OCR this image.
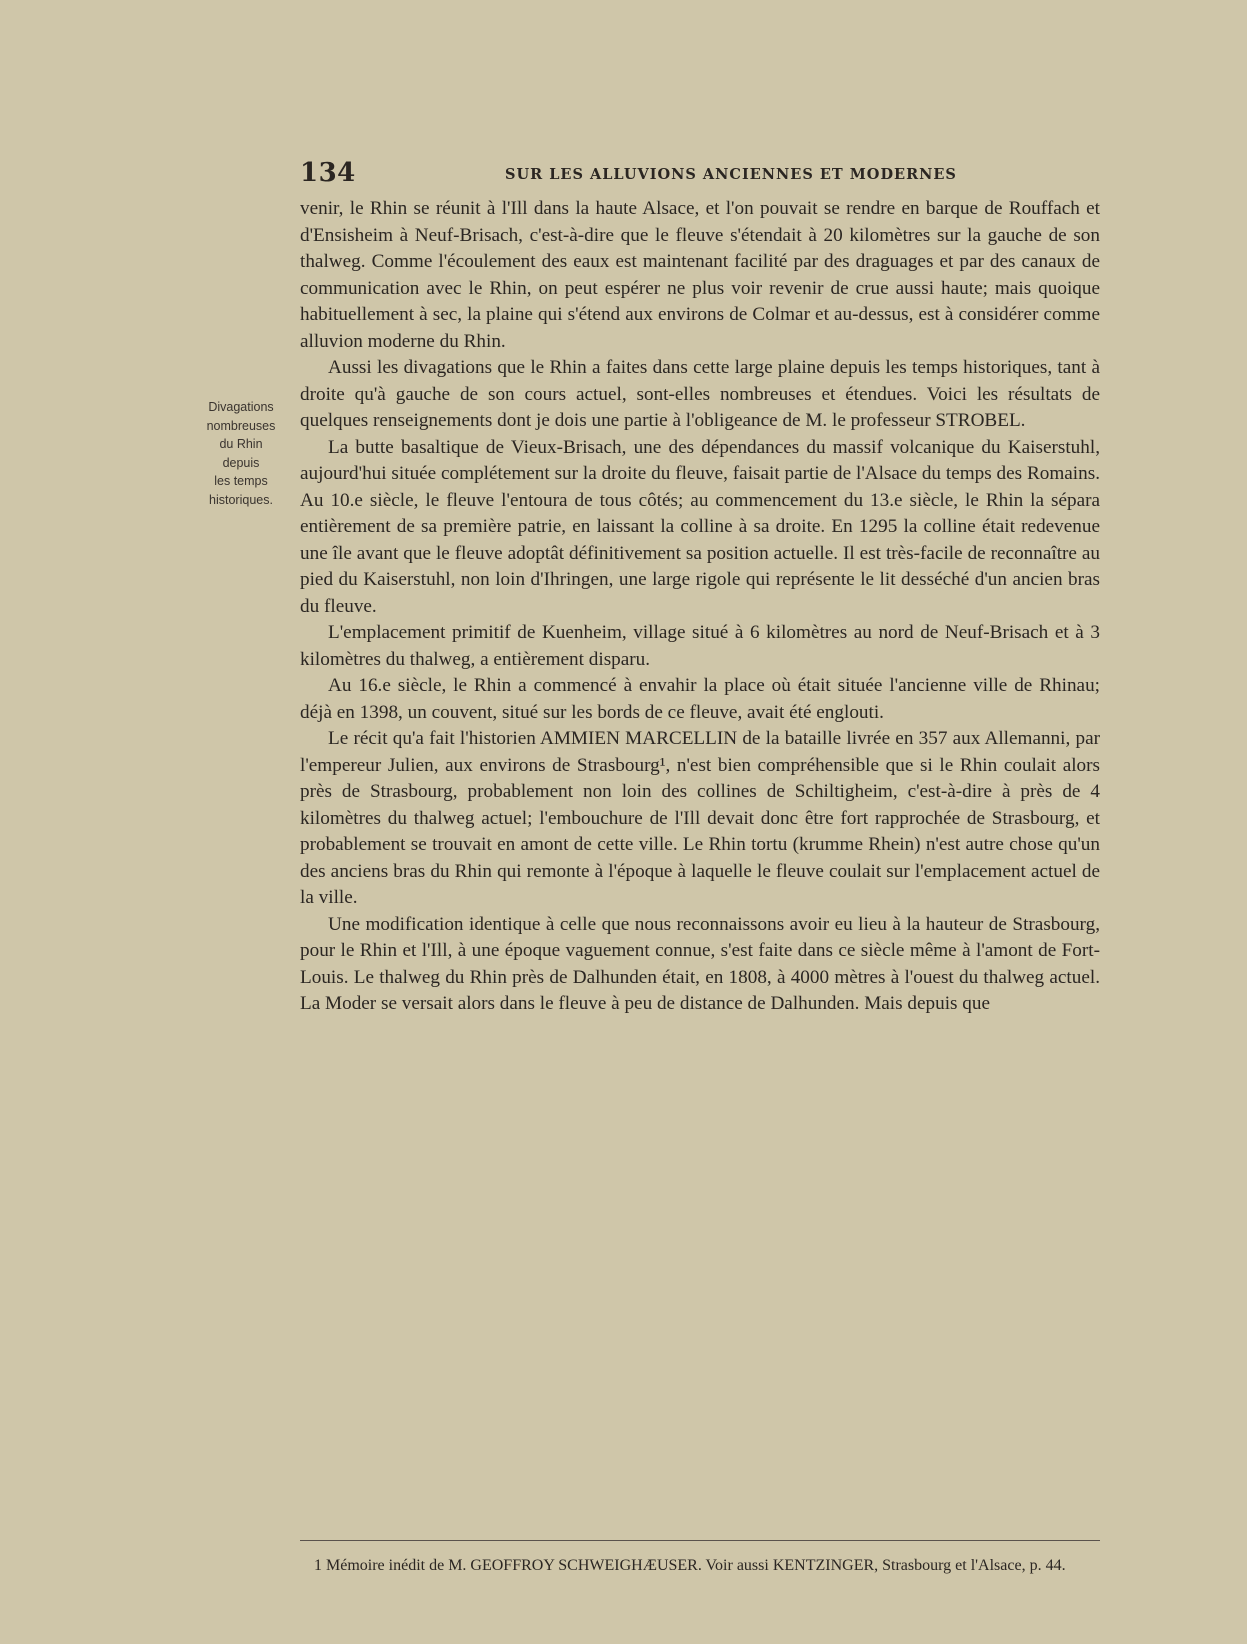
134	SUR LES ALLUVIONS ANCIENNES ET MODERNES
Divagations
nombreuses
du Rhin
depuis
les temps
historiques.

venir, le Rhin se réunit à l'Ill dans la haute Alsace, et l'on pouvait se rendre en barque de Rouffach et d'Ensisheim à Neuf-Brisach, c'est-à-dire que le fleuve s'étendait à 20 kilomètres sur la gauche de son thalweg. Comme l'écoulement des eaux est maintenant facilité par des draguages et par des canaux de communication avec le Rhin, on peut espérer ne plus voir revenir de crue aussi haute; mais quoique habituellement à sec, la plaine qui s'étend aux environs de Colmar et au-dessus, est à considérer comme alluvion moderne du Rhin.

Aussi les divagations que le Rhin a faites dans cette large plaine depuis les temps historiques, tant à droite qu'à gauche de son cours actuel, sont-elles nombreuses et étendues. Voici les résultats de quelques renseignements dont je dois une partie à l'obligeance de M. le professeur STROBEL.

La butte basaltique de Vieux-Brisach, une des dépendances du massif volcanique du Kaiserstuhl, aujourd'hui située complétement sur la droite du fleuve, faisait partie de l'Alsace du temps des Romains. Au 10.e siècle, le fleuve l'entoura de tous côtés; au commencement du 13.e siècle, le Rhin la sépara entièrement de sa première patrie, en laissant la colline à sa droite. En 1295 la colline était redevenue une île avant que le fleuve adoptât définitivement sa position actuelle. Il est très-facile de reconnaître au pied du Kaiserstuhl, non loin d'Ihringen, une large rigole qui représente le lit desséché d'un ancien bras du fleuve.

L'emplacement primitif de Kuenheim, village situé à 6 kilomètres au nord de Neuf-Brisach et à 3 kilomètres du thalweg, a entièrement disparu.

Au 16.e siècle, le Rhin a commencé à envahir la place où était située l'ancienne ville de Rhinau; déjà en 1398, un couvent, situé sur les bords de ce fleuve, avait été englouti.

Le récit qu'a fait l'historien AMMIEN MARCELLIN de la bataille livrée en 357 aux Allemanni, par l'empereur Julien, aux environs de Strasbourg¹, n'est bien compréhensible que si le Rhin coulait alors près de Strasbourg, probablement non loin des collines de Schiltigheim, c'est-à-dire à près de 4 kilomètres du thalweg actuel; l'embouchure de l'Ill devait donc être fort rapprochée de Strasbourg, et probablement se trouvait en amont de cette ville. Le Rhin tortu (krumme Rhein) n'est autre chose qu'un des anciens bras du Rhin qui remonte à l'époque à laquelle le fleuve coulait sur l'emplacement actuel de la ville.

Une modification identique à celle que nous reconnaissons avoir eu lieu à la hauteur de Strasbourg, pour le Rhin et l'Ill, à une époque vaguement connue, s'est faite dans ce siècle même à l'amont de Fort-Louis. Le thalweg du Rhin près de Dalhunden était, en 1808, à 4000 mètres à l'ouest du thalweg actuel. La Moder se versait alors dans le fleuve à peu de distance de Dalhunden. Mais depuis que

1 Mémoire inédit de M. GEOFFROY SCHWEIGHÆUSER. Voir aussi KENTZINGER, Strasbourg et l'Alsace, p. 44.
